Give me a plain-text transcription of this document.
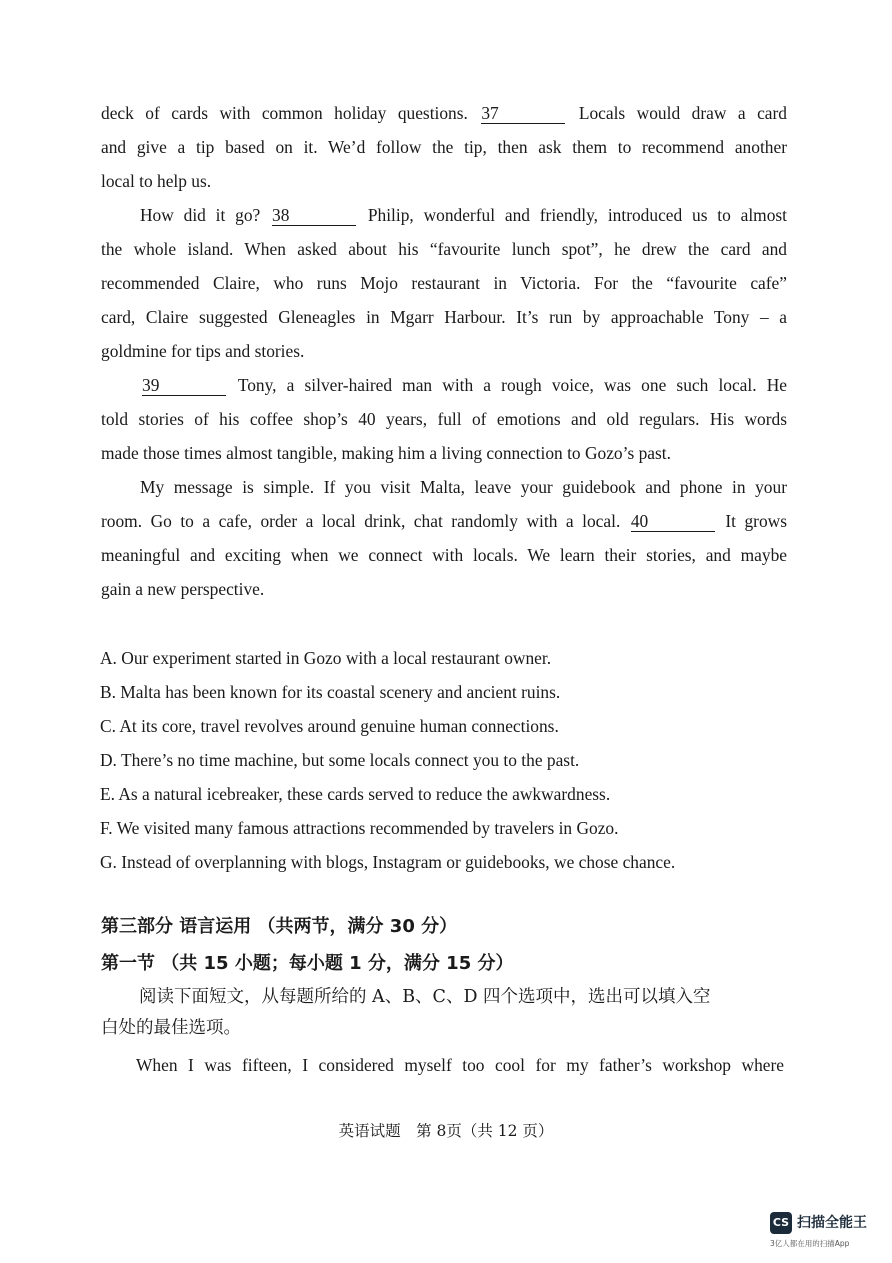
deck of cards with common holiday questions. 37	Locals would draw a card
and give a tip based on it. We’d follow the tip, then ask them to recommend another
local to help us.
How did it go? 38	Philip, wonderful and friendly, introduced us to almost
the whole island. When asked about his “favourite lunch spot”, he drew the card and
recommended Claire, who runs Mojo restaurant in Victoria. For the “favourite cafe”
card, Claire suggested Gleneagles in Mgarr Harbour. It’s run by approachable Tony – a
goldmine for tips and stories.
39	Tony, a silver-haired man with a rough voice, was one such local. He
told stories of his coffee shop’s 40 years, full of emotions and old regulars. His words
made those times almost tangible, making him a living connection to Gozo’s past.
My message is simple. If you visit Malta, leave your guidebook and phone in your
room. Go to a cafe, order a local drink, chat randomly with a local. 40	It grows
meaningful and exciting when we connect with locals. We learn their stories, and maybe
gain a new perspective.
A. Our experiment started in Gozo with a local restaurant owner.
B. Malta has been known for its coastal scenery and ancient ruins.
C. At its core, travel revolves around genuine human connections.
D. There’s no time machine, but some locals connect you to the past.
E. As a natural icebreaker, these cards served to reduce the awkwardness.
F. We visited many famous attractions recommended by travelers in Gozo.
G. Instead of overplanning with blogs, Instagram or guidebooks, we chose chance.
第三部分 语言运用 （共两节，满分 30 分）
第一节 （共 15 小题；每小题 1 分，满分 15 分）
阅读下面短文，从每题所给的 A、B、C、D 四个选项中，选出可以填入空
白处的最佳选项。
When I was fifteen, I considered myself too cool for my father’s workshop where
英语试题　第 8页（共 12 页）
CS 扫描全能王
3亿人都在用的扫描App
